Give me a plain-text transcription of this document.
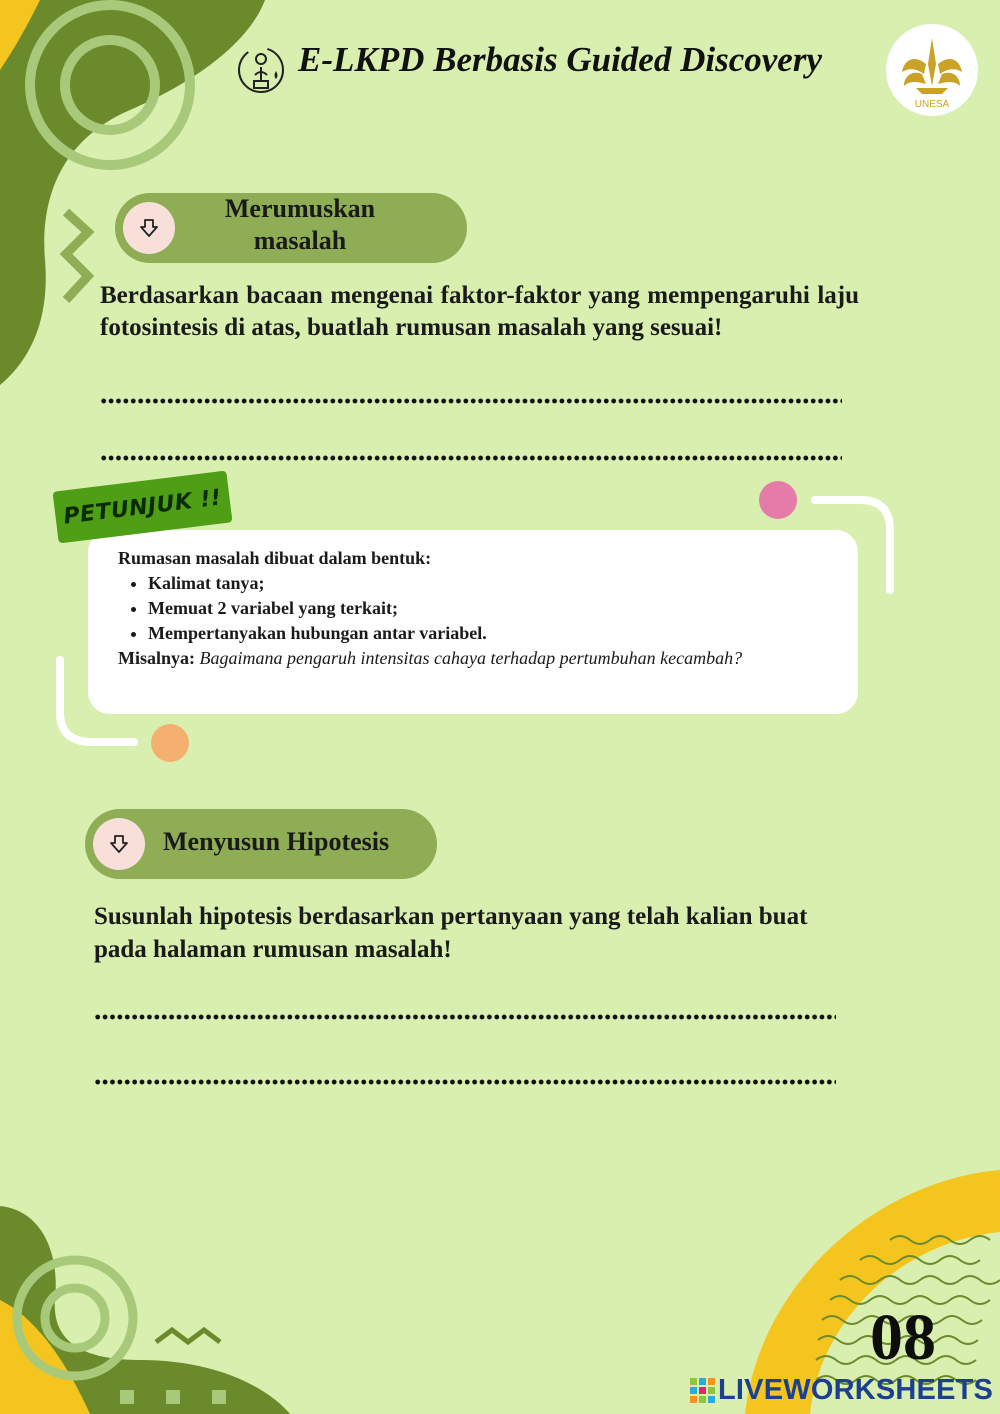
E-LKPD Berbasis Guided Discovery
UNESA
Merumuskan
masalah
Berdasarkan bacaan mengenai faktor-faktor yang mempengaruhi laju fotosintesis di atas, buatlah rumusan masalah yang sesuai!
PETUNJUK !!
Rumasan masalah dibuat dalam bentuk:
• Kalimat tanya;
• Memuat 2 variabel yang terkait;
• Mempertanyakan hubungan antar variabel.
Misalnya: Bagaimana pengaruh intensitas cahaya terhadap pertumbuhan kecambah?
Menyusun Hipotesis
Susunlah hipotesis berdasarkan pertanyaan yang telah kalian buat pada halaman rumusan masalah!
08
LIVEWORKSHEETS
